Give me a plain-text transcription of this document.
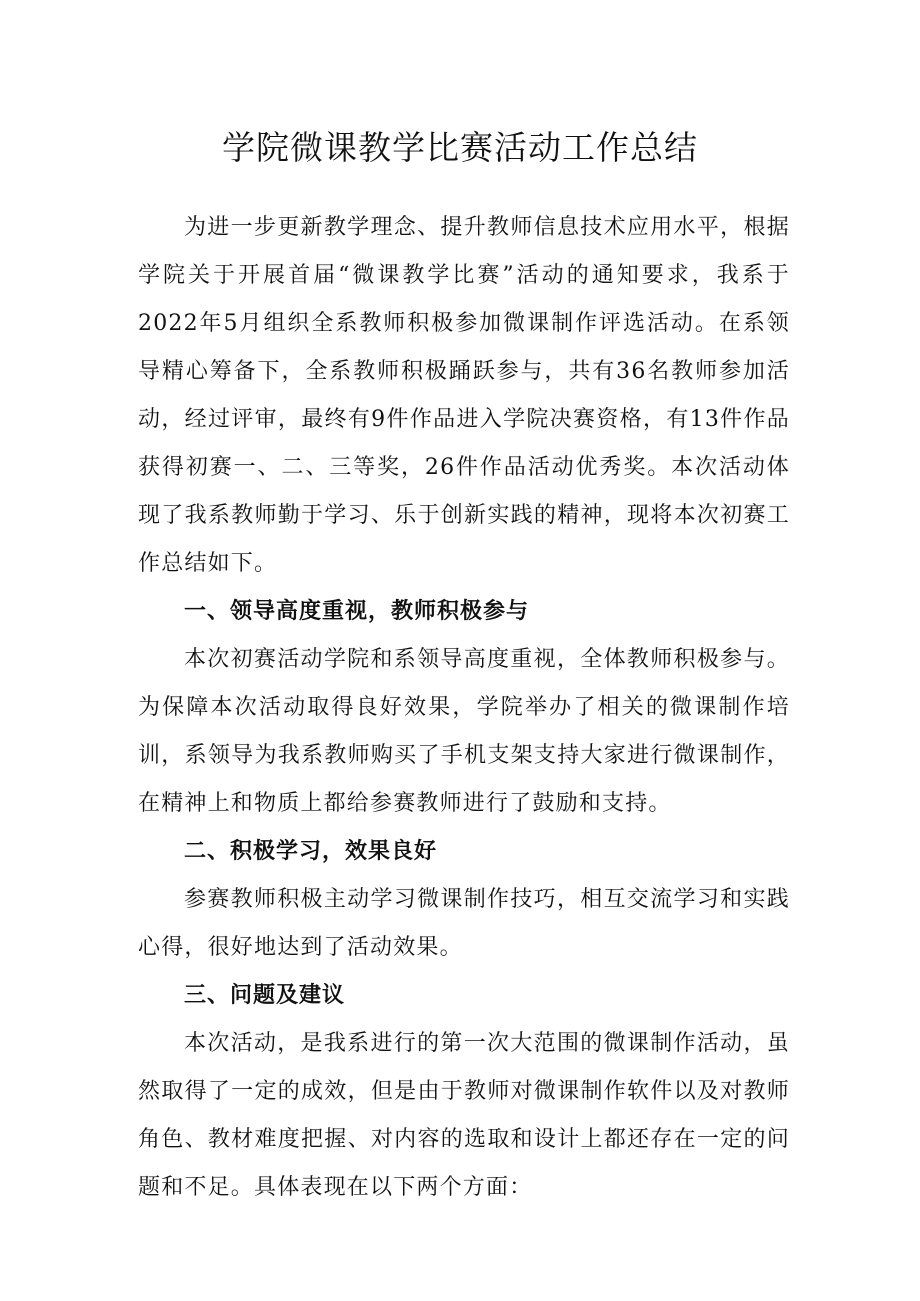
学院微课教学比赛活动工作总结

为进一步更新教学理念、提升教师信息技术应用水平，根据学院关于开展首届“微课教学比赛”活动的通知要求，我系于2022年5月组织全系教师积极参加微课制作评选活动。在系领导精心筹备下，全系教师积极踊跃参与，共有36名教师参加活动，经过评审，最终有9件作品进入学院决赛资格，有13件作品获得初赛一、二、三等奖，26件作品活动优秀奖。本次活动体现了我系教师勤于学习、乐于创新实践的精神，现将本次初赛工作总结如下。

一、领导高度重视，教师积极参与

本次初赛活动学院和系领导高度重视，全体教师积极参与。为保障本次活动取得良好效果，学院举办了相关的微课制作培训，系领导为我系教师购买了手机支架支持大家进行微课制作，在精神上和物质上都给参赛教师进行了鼓励和支持。

二、积极学习，效果良好

参赛教师积极主动学习微课制作技巧，相互交流学习和实践心得，很好地达到了活动效果。

三、问题及建议

本次活动，是我系进行的第一次大范围的微课制作活动，虽然取得了一定的成效，但是由于教师对微课制作软件以及对教师角色、教材难度把握、对内容的选取和设计上都还存在一定的问题和不足。具体表现在以下两个方面：
